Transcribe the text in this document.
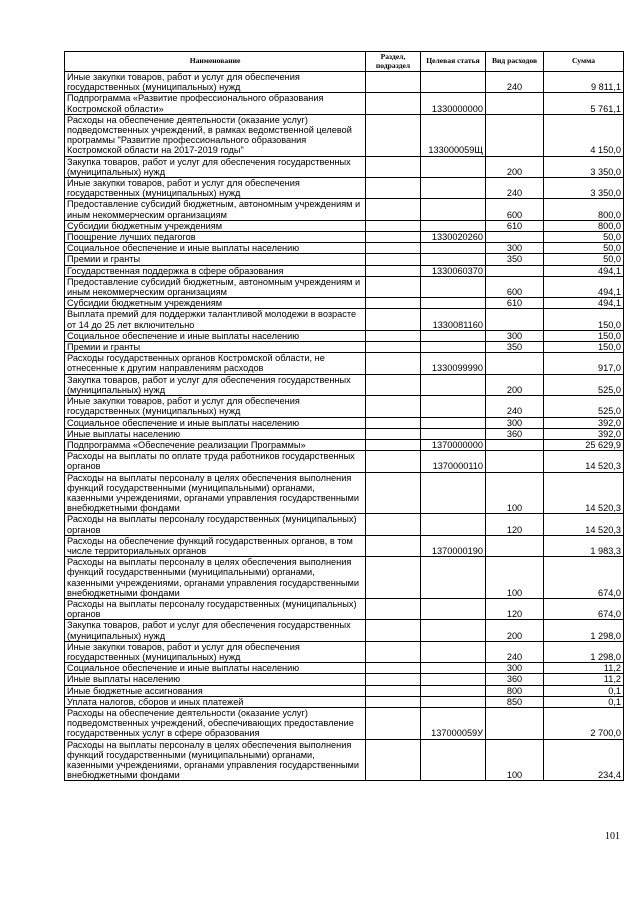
Наименование	Раздел, подраздел	Целевая статья	Вид расходов	Сумма
Иные закупки товаров, работ и услуг для обеспечения государственных (муниципальных) нужд			240	9 811,1
Подпрограмма «Развитие профессионального образования Костромской области»		1330000000		5 761,1
Расходы на обеспечение деятельности (оказание услуг) подведомственных учреждений, в рамках ведомственной целевой программы "Развитие профессионального образования Костромской области на 2017-2019 годы"		133000059Щ		4 150,0
Закупка товаров, работ и услуг для обеспечения государственных (муниципальных) нужд			200	3 350,0
Иные закупки товаров, работ и услуг для обеспечения государственных (муниципальных) нужд			240	3 350,0
Предоставление субсидий бюджетным, автономным учреждениям и иным некоммерческим организациям			600	800,0
Субсидии бюджетным учреждениям			610	800,0
Поощрение лучших педагогов		1330020260		50,0
Социальное обеспечение и иные выплаты населению			300	50,0
Премии и гранты			350	50,0
Государственная поддержка в сфере образования		1330060370		494,1
Предоставление субсидий бюджетным, автономным учреждениям и иным некоммерческим организациям			600	494,1
Субсидии бюджетным учреждениям			610	494,1
Выплата премий для поддержки талантливой молодежи в возрасте от 14 до 25 лет включительно		1330081160		150,0
Социальное обеспечение и иные выплаты населению			300	150,0
Премии и гранты			350	150,0
Расходы государственных органов Костромской области, не отнесенные к другим направлениям расходов		1330099990		917,0
Закупка товаров, работ и услуг для обеспечения государственных (муниципальных) нужд			200	525,0
Иные закупки товаров, работ и услуг для обеспечения государственных (муниципальных) нужд			240	525,0
Социальное обеспечение и иные выплаты населению			300	392,0
Иные выплаты населению			360	392,0
Подпрограмма «Обеспечение реализации Программы»		1370000000		25 629,9
Расходы на выплаты по оплате труда работников государственных органов		1370000110		14 520,3
Расходы на выплаты персоналу в целях обеспечения выполнения функций государственными (муниципальными) органами, казенными учреждениями, органами управления государственными внебюджетными фондами			100	14 520,3
Расходы на выплаты персоналу государственных (муниципальных) органов			120	14 520,3
Расходы на обеспечение функций государственных органов, в том числе территориальных органов		1370000190		1 983,3
Расходы на выплаты персоналу в целях обеспечения выполнения функций государственными (муниципальными) органами, казенными учреждениями, органами управления государственными внебюджетными фондами			100	674,0
Расходы на выплаты персоналу государственных (муниципальных) органов			120	674,0
Закупка товаров, работ и услуг для обеспечения государственных (муниципальных) нужд			200	1 298,0
Иные закупки товаров, работ и услуг для обеспечения государственных (муниципальных) нужд			240	1 298,0
Социальное обеспечение и иные выплаты населению			300	11,2
Иные выплаты населению			360	11,2
Иные бюджетные ассигнования			800	0,1
Уплата налогов, сборов и иных платежей			850	0,1
Расходы на обеспечение деятельности (оказание услуг) подведомственных учреждений, обеспечивающих предоставление государственных услуг в сфере образования		137000059У		2 700,0
Расходы на выплаты персоналу в целях обеспечения выполнения функций государственными (муниципальными) органами, казенными учреждениями, органами управления государственными внебюджетными фондами			100	234,4
101
